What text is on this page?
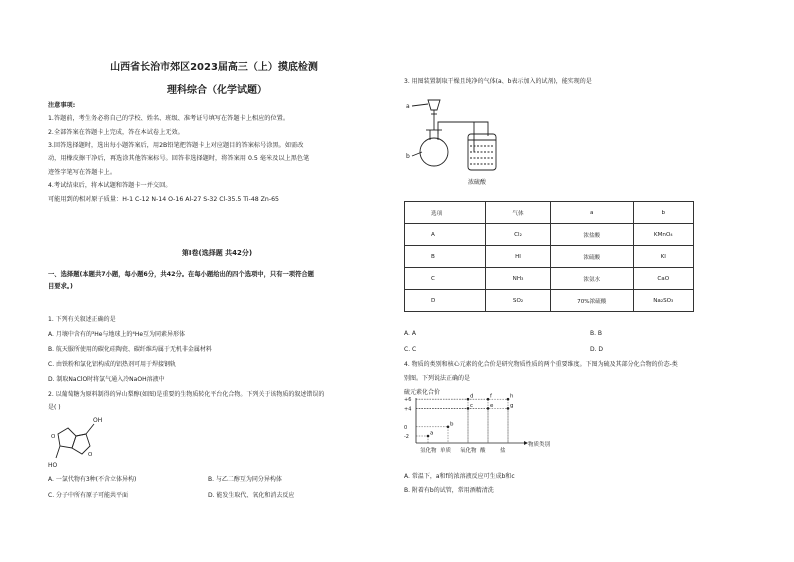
山西省长治市郊区2023届高三（上）摸底检测

理科综合（化学试题）

注意事项:

1.答题前，考生务必将自己的学校、姓名、班级、准考证号填写在答题卡上相应的位置。

2.全部答案在答题卡上完成，答在本试卷上无效。

3.回答选择题时，选出每小题答案后，用2B铅笔把答题卡上对应题目的答案标号涂黑。如需改

动，用橡皮擦干净后，再选涂其他答案标号。回答非选择题时，将答案用 0.5 毫米及以上黑色笔

迹签字笔写在答题卡上。

4.考试结束后，将本试题和答题卡一并交回。

可能用到的相对原子质量：H-1 C-12 N-14 O-16 Al-27 S-32 Cl-35.5 Ti-48 Zn-65

第Ⅰ卷(选择题 共42分)

一、选择题(本题共7小题，每小题6分，共42分。在每小题给出的四个选项中，只有一项符合题

目要求。)

1. 下列有关叙述正确的是

A. 月壤中含有的³He与地球上的⁴He互为同素异形体

B. 航天服所使用的碳化硅陶瓷、碳纤维均属于无机非金属材料

C. 由铁粉和氯化铝构成的铝热剂可用于焊接钢轨

D. 制取NaClO时将氯气通入冷NaOH溶液中

2. 以葡萄糖为原料制得的异山梨醇(如图)是重要的生物质转化平台化合物。下列关于该物质的叙述错误的

是( )

O
O
OH
HO
A. 一氯代物有3种(不含立体异构)	B. 与乙二醇互为同分异构体
C. 分子中所有原子可能共平面	D. 能发生取代、氧化和消去反应

3. 用图装置制取干燥且纯净的气体(a、b表示加入的试剂)，能实现的是

a
b
浓硫酸
选项	气体	a	b
A	Cl₂	浓盐酸	KMnO₄
B	HI	浓硫酸	KI
C	NH₃	浓氨水	CaO
D	SO₂	70%浓硫酸	Na₂SO₃
A. A	B. B
C. C	D. D

4. 物质的类别和核心元素的化合价是研究物质性质的两个重要维度。下图为硫及其部分化合物的价态-类

别图。下列说法正确的是

硫元素化合价
+6
+4
0
-2
a
b
c
d
e
f
g
h
氢化物 单质 氧化物 酸	盐
物质类别

A. 常温下，a和f的浓溶液反应可生成b和c

B. 附着有b的试管，常用酒精清洗
